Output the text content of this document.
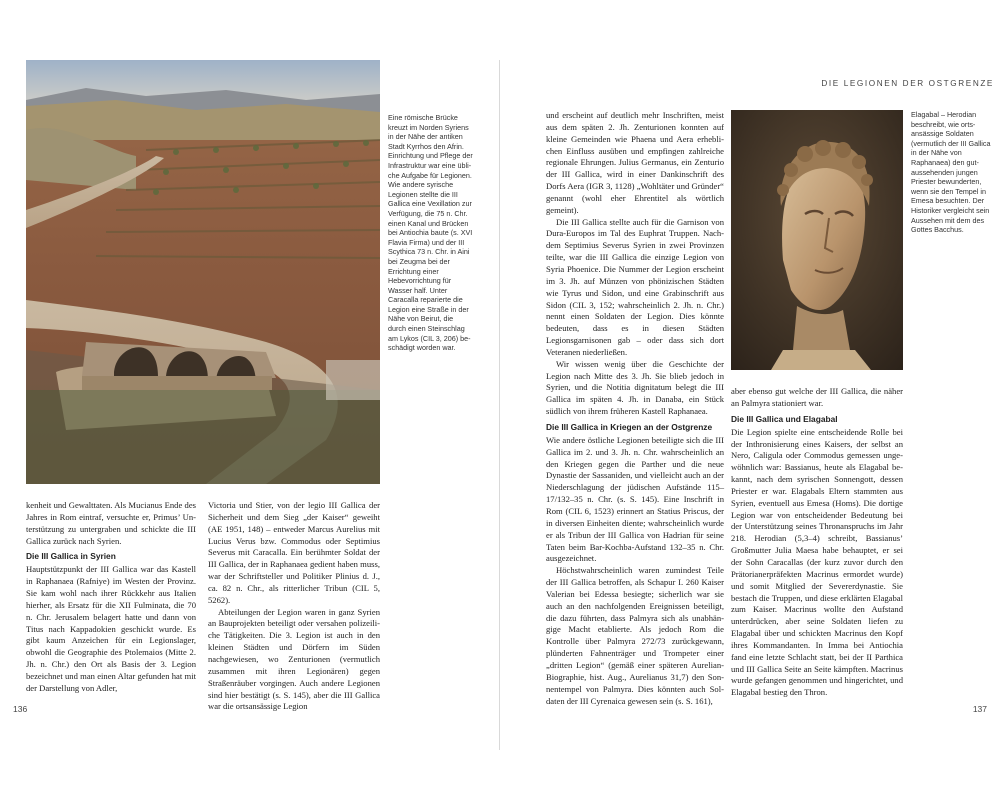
Eine römische Brücke kreuzt im Norden Syriens in der Nähe der antiken Stadt Kyrrhos den Afrin. Einrichtung und Pflege der Infrastruktur war eine übliche Aufgabe für Legionen. Wie andere syrische Legionen stellte die III Gallica eine Vexillation zur Verfügung, die 75 n. Chr. einen Kanal und Brücken bei Antiochia baute (s. XVI Flavia Firma) und der III Scythica 73 n. Chr. in Aini bei Zeugma bei der Errichtung einer Hebevorrichtung für Wasser half. Unter Caracalla reparierte die Legion eine Straße in der Nähe von Beirut, die durch einen Steinschlag am Lykos (CIL 3, 206) beschädigt worden war.

kenheit und Gewalttaten. Als Mucianus Ende des Jahres in Rom eintraf, versuchte er, Primus’ Unterstützung zu untergraben und schickte die III Gallica zurück nach Syrien.

Die III Gallica in Syrien

Hauptstützpunkt der III Gallica war das Kastell in Raphanaea (Rafniye) im Westen der Provinz. Sie kam wohl nach ihrer Rückkehr aus Italien hierher, als Ersatz für die XII Fulminata, die 70 n. Chr. Jerusalem belagert hatte und dann von Titus nach Kappadokien geschickt wurde. Es gibt kaum Anzeichen für ein Legionslager, obwohl die Geographie des Ptolemaios (Mitte 2. Jh. n. Chr.) den Ort als Basis der 3. Legion bezeichnet und man einen Altar gefunden hat mit der Darstellung von Adler,

Victoria und Stier, von der legio III Gallica der Sicherheit und dem Sieg „der Kaiser“ geweiht (AE 1951, 148) – entweder Marcus Aurelius mit Lucius Verus bzw. Commodus oder Septimius Severus mit Caracalla. Ein berühmter Soldat der III Gallica, der in Raphanaea gedient haben muss, war der Schriftsteller und Politiker Plinius d. J., ca. 82 n. Chr., als ritterlicher Tribun (CIL 5, 5262).

Abteilungen der Legion waren in ganz Syrien an Bauprojekten beteiligt oder versahen polizeiliche Tätigkeiten. Die 3. Legion ist auch in den kleinen Städten und Dörfern im Süden nachgewiesen, wo Zenturionen (vermutlich zusammen mit ihren Legionären) gegen Straßenräuber vorgingen. Auch andere Legionen sind hier bestätigt (s. S. 145), aber die III Gallica war die ortsansässige Legion

136
DIE LEGIONEN DER OSTGRENZE

und erscheint auf deutlich mehr Inschriften, meist aus dem späten 2. Jh. Zenturionen konnten auf kleine Gemeinden wie Phaena und Aera erheblichen Einfluss ausüben und empfingen zahlreiche regionale Ehrungen. Julius Germanus, ein Zenturio der III Gallica, wird in einer Dankinschrift des Dorfs Aera (IGR 3, 1128) „Wohltäter und Gründer“ genannt (wohl eher Ehrentitel als wörtlich gemeint).

Die III Gallica stellte auch für die Garnison von Dura-Europos im Tal des Euphrat Truppen. Nachdem Septimius Severus Syrien in zwei Provinzen teilte, war die III Gallica die einzige Legion von Syria Phoenice. Die Nummer der Legion erscheint im 3. Jh. auf Münzen von phönizischen Städten wie Tyrus und Sidon, und eine Grabinschrift aus Sidon (CIL 3, 152; wahrscheinlich 2. Jh. n. Chr.) nennt einen Soldaten der Legion. Dies könnte bedeuten, dass es in diesen Städten Legionsgarnisonen gab – oder dass sich dort Veteranen niederließen.

Wir wissen wenig über die Geschichte der Legion nach Mitte des 3. Jh. Sie blieb jedoch in Syrien, und die Notitia dignitatum belegt die III Gallica im späten 4. Jh. in Danaba, ein Stück südlich von ihrem früheren Kastell Raphanaea.

Die III Gallica in Kriegen an der Ostgrenze

Wie andere östliche Legionen beteiligte sich die III Gallica im 2. und 3. Jh. n. Chr. wahrscheinlich an den Kriegen gegen die Parther und die neue Dynastie der Sassaniden, und vielleicht auch an der Niederschlagung der jüdischen Aufstände 115–17/132–35 n. Chr. (s. S. 145). Eine Inschrift in Rom (CIL 6, 1523) erinnert an Statius Priscus, der in diversen Einheiten diente; wahrscheinlich wurde er als Tribun der III Gallica von Hadrian für seine Taten beim Bar-Kochba-Aufstand 132–35 n. Chr. ausgezeichnet.

Höchstwahrscheinlich waren zumindest Teile der III Gallica betroffen, als Schapur I. 260 Kaiser Valerian bei Edessa besiegte; sicherlich war sie auch an den nachfolgenden Ereignissen beteiligt, die dazu führten, dass Palmyra sich als unabhängige Macht etablierte. Als jedoch Rom die Kontrolle über Palmyra 272/73 zurückgewann, plünderten Fahnenträger und Trompeter einer „dritten Legion“ (gemäß einer späteren Aurelian-Biographie, hist. Aug., Aurelianus 31,7) den Sonnentempel von Palmyra. Dies könnten auch Soldaten der III Cyrenaica gewesen sein (s. S. 161),

Elagabal – Herodian beschreibt, wie ortsansässige Soldaten (vermutlich der III Gallica in der Nähe von Raphanaea) den gutaussehenden jungen Priester bewunderten, wenn sie den Tempel in Emesa besuchten. Der Historiker vergleicht sein Aussehen mit dem des Gottes Bacchus.

aber ebenso gut welche der III Gallica, die näher an Palmyra stationiert war.

Die III Gallica und Elagabal

Die Legion spielte eine entscheidende Rolle bei der Inthronisierung eines Kaisers, der selbst an Nero, Caligula oder Commodus gemessen ungewöhnlich war: Bassianus, heute als Elagabal bekannt, nach dem syrischen Sonnengott, dessen Priester er war. Elagabals Eltern stammten aus Syrien, eventuell aus Emesa (Homs). Die dortige Legion war von entscheidender Bedeutung bei der Unterstützung seines Thronanspruchs im Jahr 218. Herodian (5,3–4) schreibt, Bassianus’ Großmutter Julia Maesa habe behauptet, er sei der Sohn Caracallas (der kurz zuvor durch den Prätorianerpräfekten Macrinus ermordet wurde) und somit Mitglied der Severerdynastie. Sie bestach die Truppen, und diese erklärten Elagabal zum Kaiser. Macrinus wollte den Aufstand unterdrücken, aber seine Soldaten liefen zu Elagabal über und schickten Macrinus den Kopf ihres Kommandanten. In Imma bei Antiochia fand eine letzte Schlacht statt, bei der II Parthica und III Gallica Seite an Seite kämpften. Macrinus wurde gefangen genommen und hingerichtet, und Elagabal bestieg den Thron.

137
